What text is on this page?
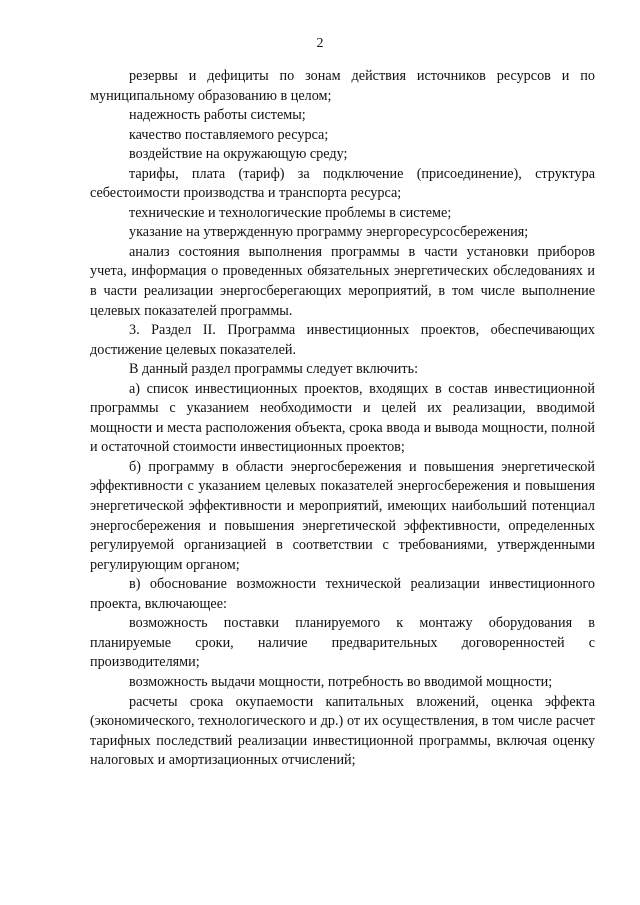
2

резервы и дефициты по зонам действия источников ресурсов и по муниципальному образованию в целом;

надежность работы системы;

качество поставляемого ресурса;

воздействие на окружающую среду;

тарифы, плата (тариф) за подключение (присоединение), структура себестоимости производства и транспорта ресурса;

технические и технологические проблемы в системе;

указание на утвержденную программу энергоресурсосбережения;

анализ состояния выполнения программы в части установки приборов учета, информация о проведенных обязательных энергетических обследованиях и в части реализации энергосберегающих мероприятий, в том числе выполнение целевых показателей программы.

3. Раздел II. Программа инвестиционных проектов, обеспечивающих достижение целевых показателей.

В данный раздел программы следует включить:

а) список инвестиционных проектов, входящих в состав инвестиционной программы с указанием необходимости и целей их реализации, вводимой мощности и места расположения объекта, срока ввода и вывода мощности, полной и остаточной стоимости инвестиционных проектов;

б) программу в области энергосбережения и повышения энергетической эффективности с указанием целевых показателей энергосбережения и повышения энергетической эффективности и мероприятий, имеющих наибольший потенциал энергосбережения и повышения энергетической эффективности, определенных регулируемой организацией в соответствии с требованиями, утвержденными регулирующим органом;

в) обоснование возможности технической реализации инвестиционного проекта, включающее:

возможность поставки планируемого к монтажу оборудования в планируемые сроки, наличие предварительных договоренностей с производителями;

возможность выдачи мощности, потребность во вводимой мощности;

расчеты срока окупаемости капитальных вложений, оценка эффекта (экономического, технологического и др.) от их осуществления, в том числе расчет тарифных последствий реализации инвестиционной программы, включая оценку налоговых и амортизационных отчислений;
